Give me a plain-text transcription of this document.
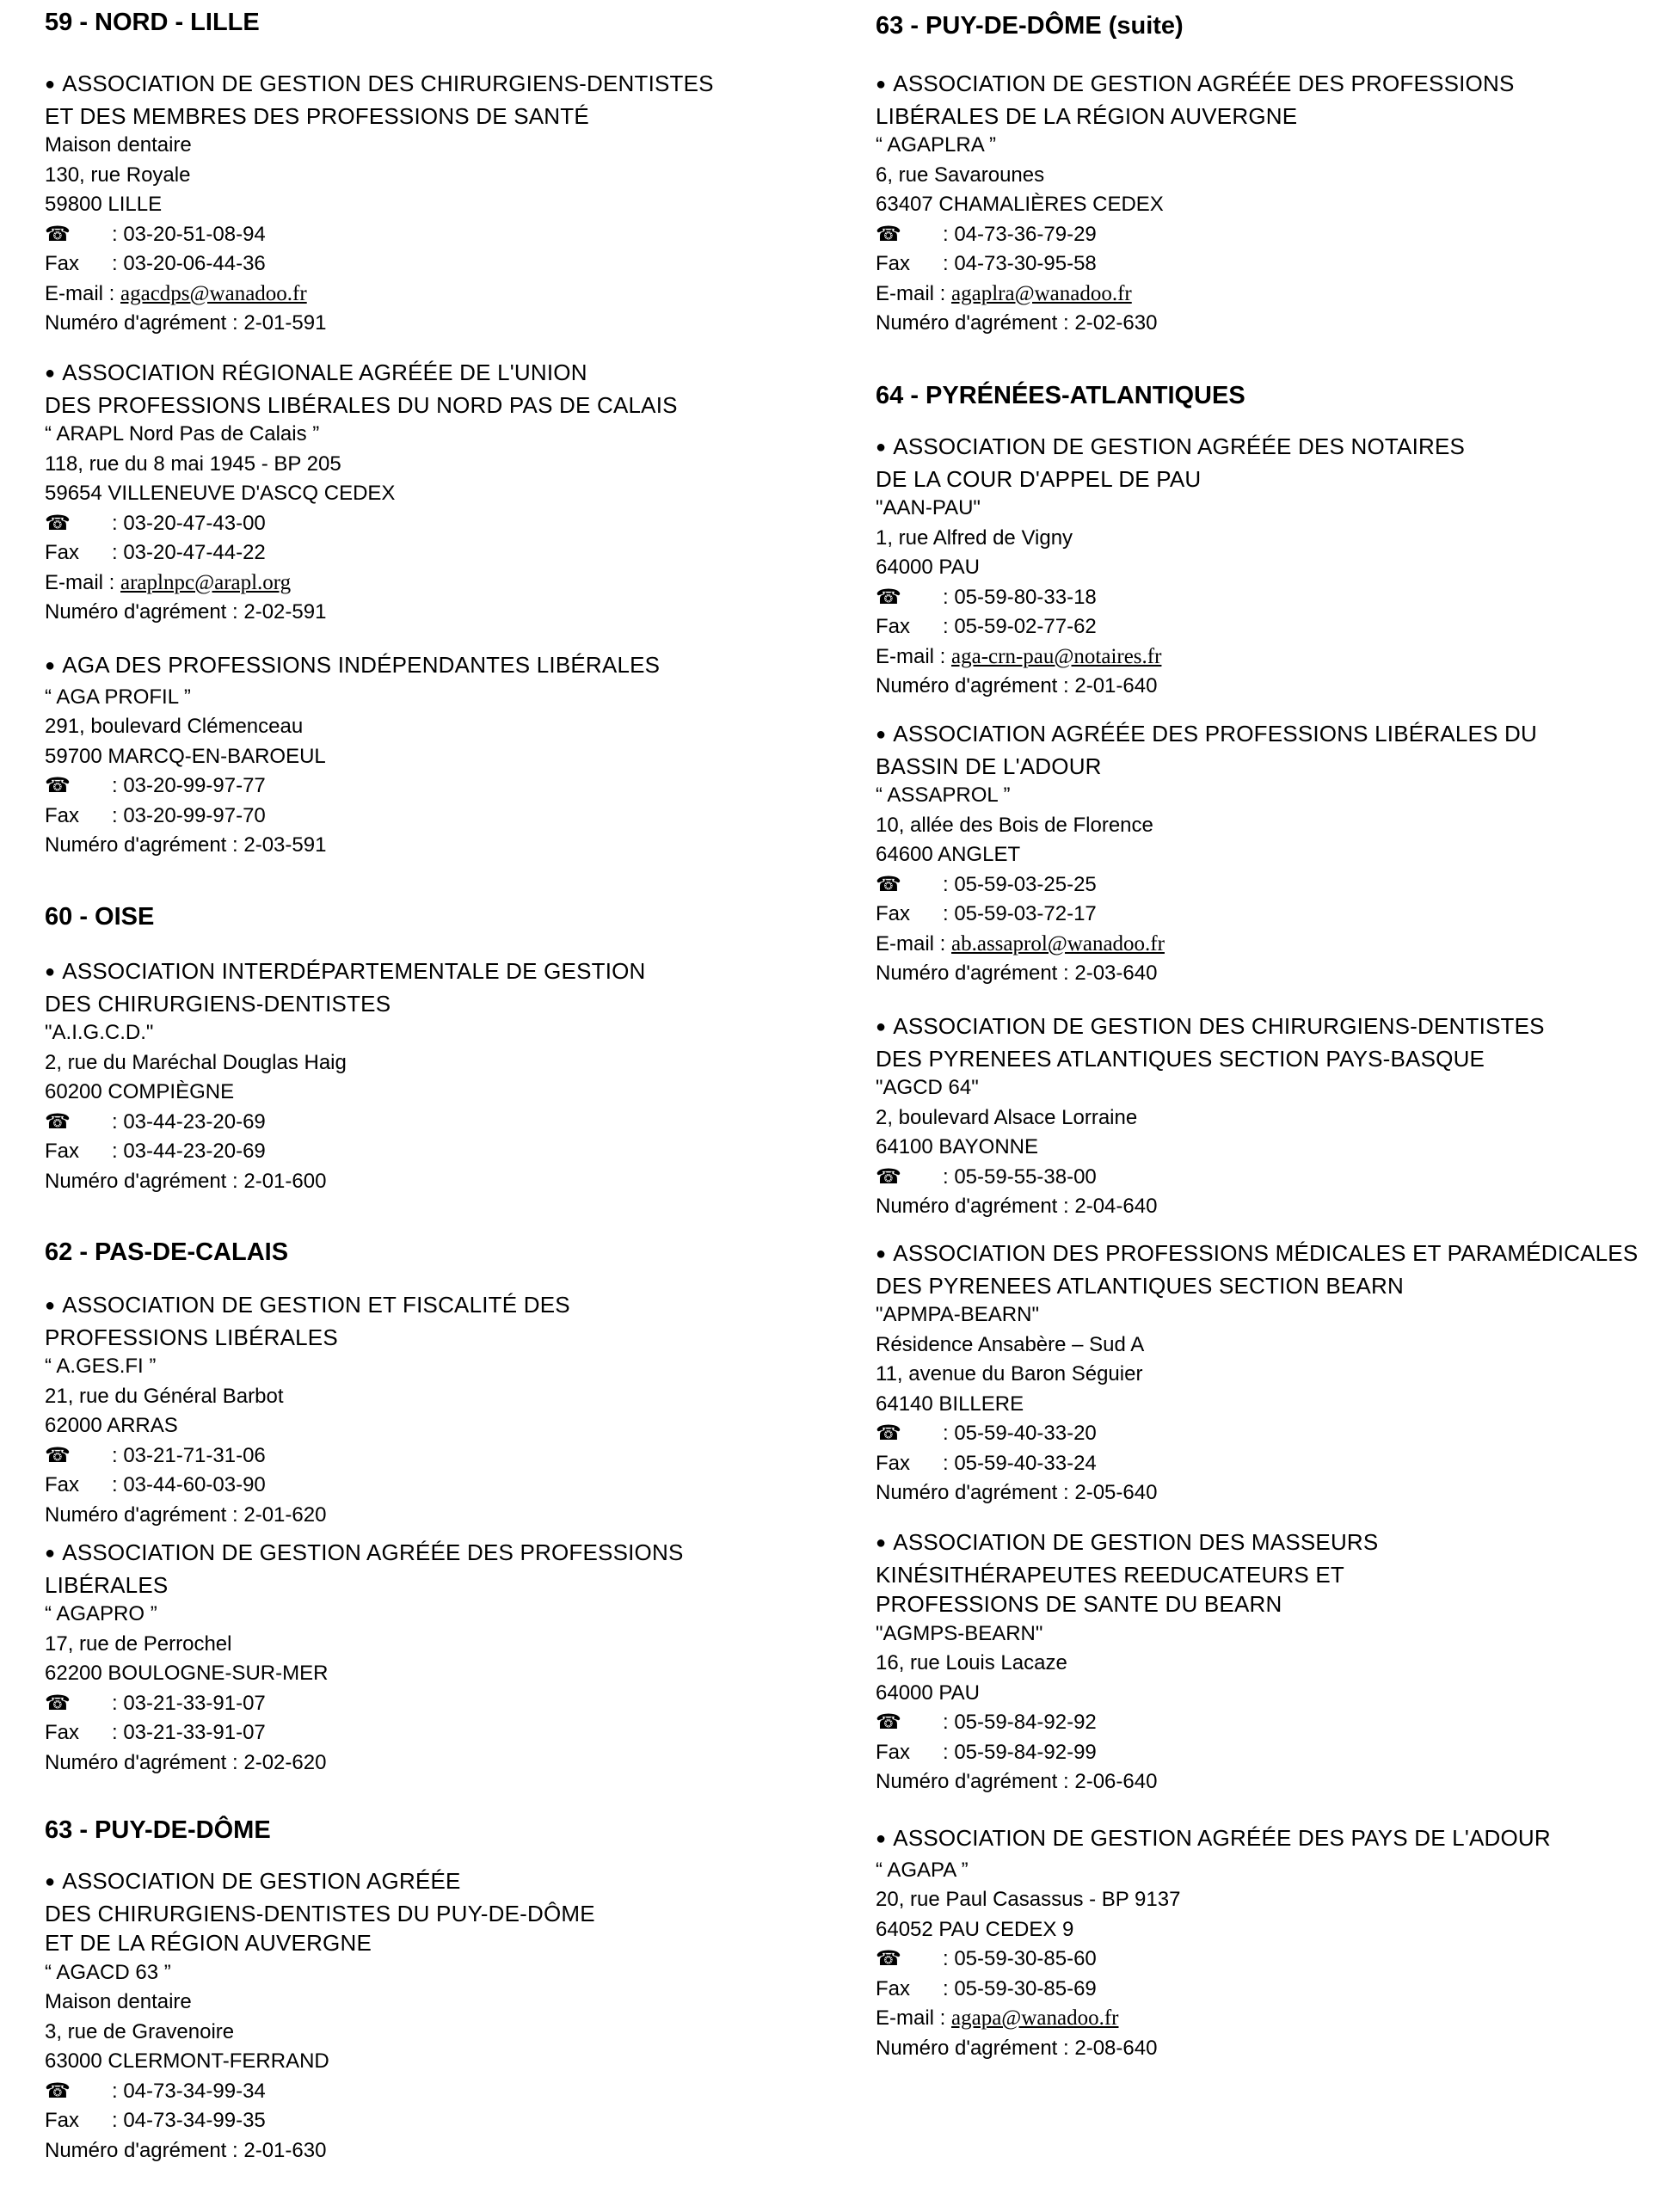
59 - NORD - LILLE
● ASSOCIATION DE GESTION DES CHIRURGIENS-DENTISTES
ET DES MEMBRES DES PROFESSIONS DE SANTÉ
Maison dentaire
130, rue Royale
59800 LILLE
☎ : 03-20-51-08-94
Fax : 03-20-06-44-36
E-mail : agacdps@wanadoo.fr
Numéro d'agrément : 2-01-591
● ASSOCIATION RÉGIONALE AGRÉÉE DE L'UNION
DES PROFESSIONS LIBÉRALES DU NORD PAS DE CALAIS
“ ARAPL Nord Pas de Calais ”
118, rue du 8 mai 1945 - BP 205
59654 VILLENEUVE D'ASCQ CEDEX
☎ : 03-20-47-43-00
Fax : 03-20-47-44-22
E-mail : araplnpc@arapl.org
Numéro d'agrément : 2-02-591
● AGA DES PROFESSIONS INDÉPENDANTES LIBÉRALES
“ AGA PROFIL ”
291, boulevard Clémenceau
59700 MARCQ-EN-BAROEUL
☎ : 03-20-99-97-77
Fax : 03-20-99-97-70
Numéro d'agrément : 2-03-591
60 - OISE
● ASSOCIATION INTERDÉPARTEMENTALE DE GESTION
DES CHIRURGIENS-DENTISTES
"A.I.G.C.D."
2, rue du Maréchal Douglas Haig
60200 COMPIÈGNE
☎ : 03-44-23-20-69
Fax : 03-44-23-20-69
Numéro d'agrément : 2-01-600
62 - PAS-DE-CALAIS
● ASSOCIATION DE GESTION ET FISCALITÉ DES
PROFESSIONS LIBÉRALES
“ A.GES.FI ”
21, rue du Général Barbot
62000 ARRAS
☎ : 03-21-71-31-06
Fax : 03-44-60-03-90
Numéro d'agrément : 2-01-620
● ASSOCIATION DE GESTION AGRÉÉE DES PROFESSIONS
LIBÉRALES
“ AGAPRO ”
17, rue de Perrochel
62200 BOULOGNE-SUR-MER
☎ : 03-21-33-91-07
Fax : 03-21-33-91-07
Numéro d'agrément : 2-02-620
63 - PUY-DE-DÔME
● ASSOCIATION DE GESTION AGRÉÉE
DES CHIRURGIENS-DENTISTES DU PUY-DE-DÔME
ET DE LA RÉGION AUVERGNE
“ AGACD 63 ”
Maison dentaire
3, rue de Gravenoire
63000 CLERMONT-FERRAND
☎ : 04-73-34-99-34
Fax : 04-73-34-99-35
Numéro d'agrément : 2-01-630
63 - PUY-DE-DÔME (suite)
● ASSOCIATION DE GESTION AGRÉÉE DES PROFESSIONS
LIBÉRALES DE LA RÉGION AUVERGNE
“ AGAPLRA ”
6, rue Savarounes
63407 CHAMALIÈRES CEDEX
☎ : 04-73-36-79-29
Fax : 04-73-30-95-58
E-mail : agaplra@wanadoo.fr
Numéro d'agrément : 2-02-630
64 - PYRÉNÉES-ATLANTIQUES
● ASSOCIATION DE GESTION AGRÉÉE DES NOTAIRES
DE LA COUR D'APPEL DE PAU
"AAN-PAU"
1, rue Alfred de Vigny
64000 PAU
☎ : 05-59-80-33-18
Fax : 05-59-02-77-62
E-mail : aga-crn-pau@notaires.fr
Numéro d'agrément : 2-01-640
● ASSOCIATION AGRÉÉE DES PROFESSIONS LIBÉRALES DU
BASSIN DE L'ADOUR
“ ASSAPROL ”
10, allée des Bois de Florence
64600 ANGLET
☎ : 05-59-03-25-25
Fax : 05-59-03-72-17
E-mail : ab.assaprol@wanadoo.fr
Numéro d'agrément : 2-03-640
● ASSOCIATION DE GESTION DES CHIRURGIENS-DENTISTES
DES PYRENEES ATLANTIQUES SECTION PAYS-BASQUE
"AGCD 64"
2, boulevard Alsace Lorraine
64100 BAYONNE
☎ : 05-59-55-38-00
Numéro d'agrément : 2-04-640
● ASSOCIATION DES PROFESSIONS MÉDICALES ET PARAMÉDICALES
DES PYRENEES ATLANTIQUES SECTION BEARN
"APMPA-BEARN"
Résidence Ansabère – Sud A
11, avenue du Baron Séguier
64140 BILLERE
☎ : 05-59-40-33-20
Fax : 05-59-40-33-24
Numéro d'agrément : 2-05-640
● ASSOCIATION DE GESTION DES MASSEURS
KINÉSITHÉRAPEUTES REEDUCATEURS ET
PROFESSIONS DE SANTE DU BEARN
"AGMPS-BEARN"
16, rue Louis Lacaze
64000 PAU
☎ : 05-59-84-92-92
Fax : 05-59-84-92-99
Numéro d'agrément : 2-06-640
● ASSOCIATION DE GESTION AGRÉÉE DES PAYS DE L'ADOUR
“ AGAPA ”
20, rue Paul Casassus - BP 9137
64052 PAU CEDEX 9
☎ : 05-59-30-85-60
Fax : 05-59-30-85-69
E-mail : agapa@wanadoo.fr
Numéro d'agrément : 2-08-640
